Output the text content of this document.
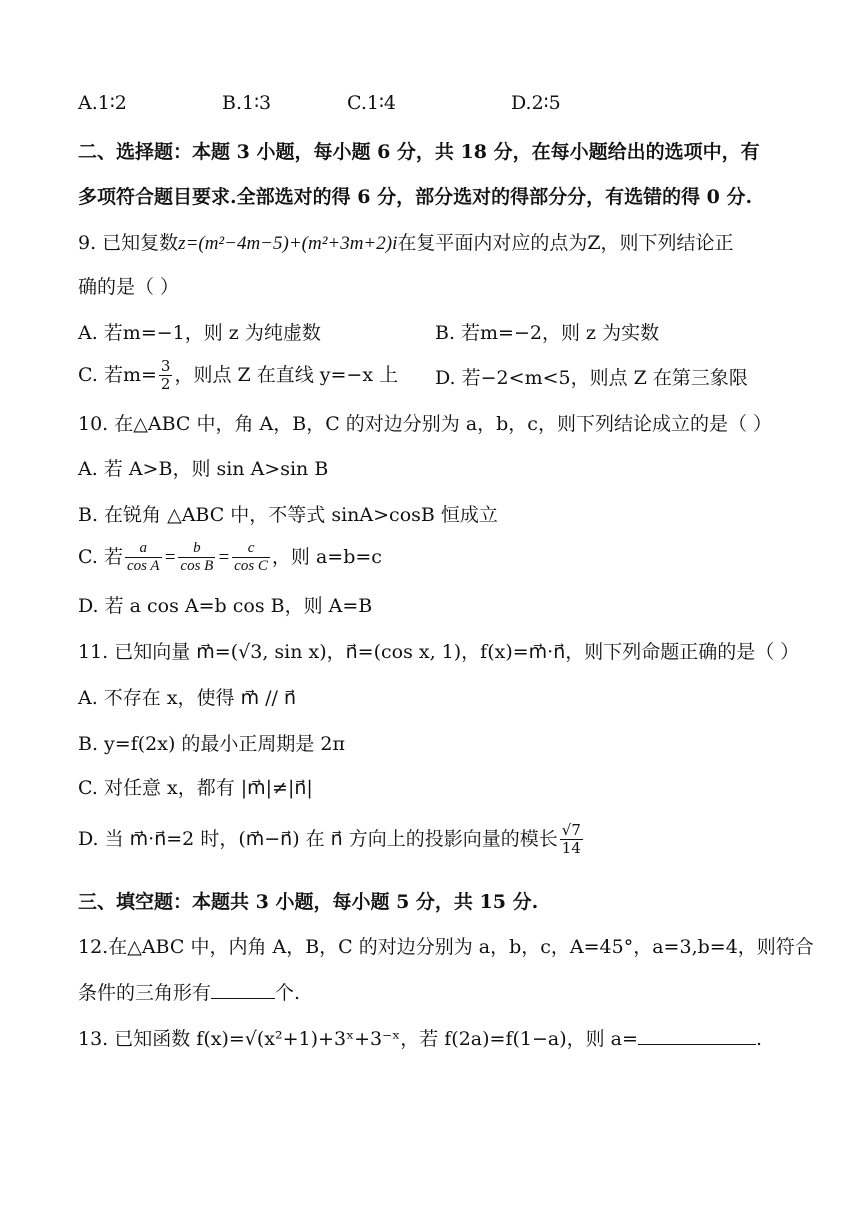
A.1∶2	B.1∶3	C.1∶4	D.2∶5
二、选择题：本题 3 小题，每小题 6 分，共 18 分，在每小题给出的选项中，有
多项符合题目要求.全部选对的得 6 分，部分选对的得部分分，有选错的得 0 分.
9. 已知复数z=(m²−4m−5)+(m²+3m+2)i在复平面内对应的点为Z，则下列结论正
确的是（ ）
A. 若m=−1，则 z 为纯虚数	B. 若m=−2，则 z 为实数
C. 若$m= \frac{3}{2}$ ，则点 Z 在直线 y=−x 上 D. 若−2<m<5，则点 Z 在第三象限
10. 在△ABC 中，角 A，B，C 的对边分别为 a，b，c，则下列结论成立的是（ ）
A. 若 A>B，则 sin A>sin B
B. 在锐角 △ABC 中，不等式 sinA>cosB 恒成立
C. 若 $\frac{a}{\text{cos A}} = \frac{b}{\text{cos B}} = \frac{c}{\text{cos C}}$ ，则 a=b=c
D. 若 a cos A=b cos B，则 A=B
11. 已知向量 m⃗=(√3, sin x)，n⃗=(cos x, 1)，f(x)=m⃗·n⃗，则下列命题正确的是（ ）
A. 不存在 x，使得 m⃗ // n⃗
B. y=f(2x) 的最小正周期是 2π
C. 对任意 x，都有 |m⃗|≠|n⃗|
D. 当 m⃗·n⃗=2 时，(m⃗−n⃗) 在 n⃗ 方向上的投影向量的模长 $\frac{√7}{14}$
三、填空题：本题共 3 小题，每小题 5 分，共 15 分.
12.在△ABC 中，内角 A，B，C 的对边分别为 a，b，c，A=45°，a=3,b=4，则符合
条件的三角形有	个.
13. 已知函数 f(x)=√(x²+1)+3ˣ+3⁻ˣ，若 f(2a)=f(1−a)，则 a=	.
